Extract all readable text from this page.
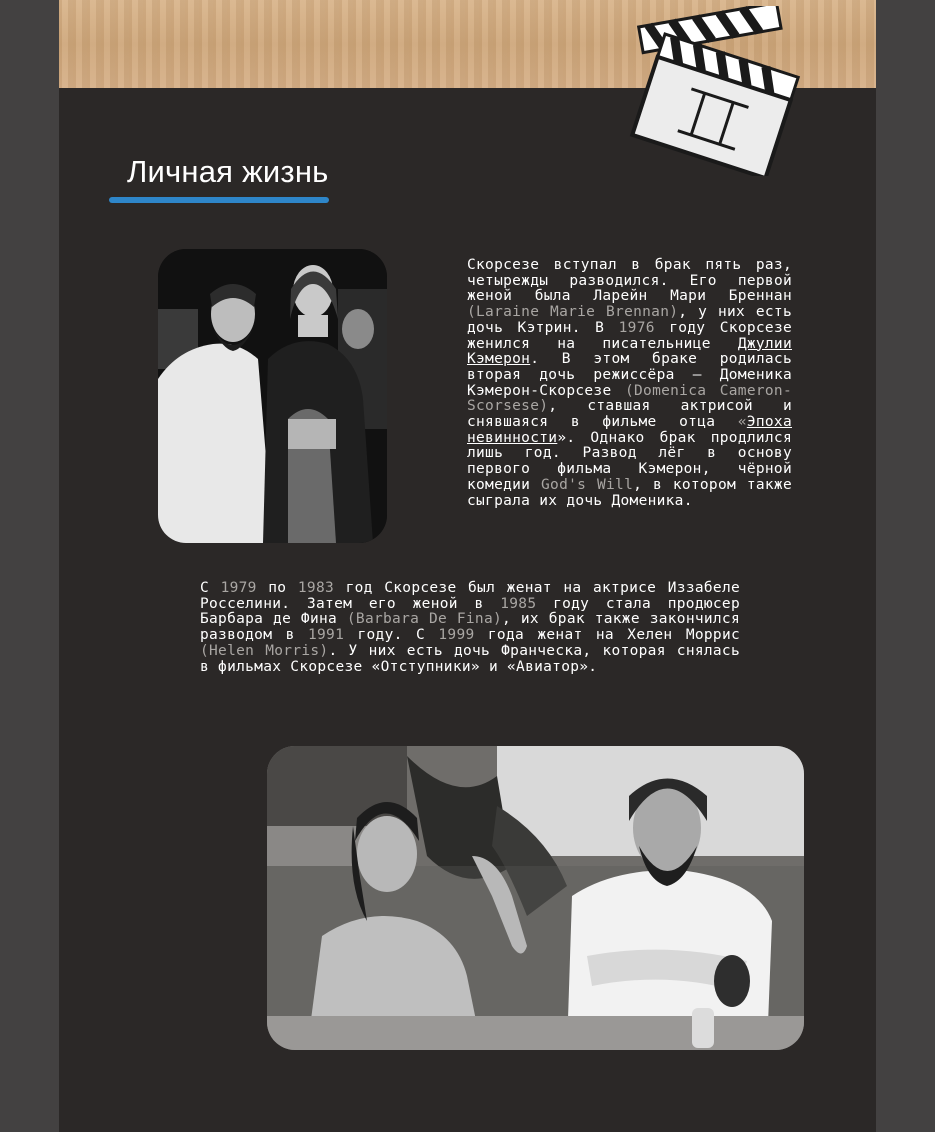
Личная жизнь
Скорсезе вступал в брак пять раз, четырежды разводился. Его первой женой была Ларейн Мари Бреннан (Laraine Marie Brennan), у них есть дочь Кэтрин. В 1976 году Скорсезе женился на писательнице Джулии Кэмерон. В этом браке родилась вторая дочь режиссёра — Доменика Кэмерон-Скорсезе (Domenica Cameron-Scorsese), ставшая актрисой и снявшаяся в фильме отца «Эпоха невинности». Однако брак продлился лишь год. Развод лёг в основу первого фильма Кэмерон, чёрной комедии God's Will, в котором также сыграла их дочь Доменика.
С 1979 по 1983 год Скорсезе был женат на актрисе Иззабеле Росселини. Затем его женой в 1985 году стала продюсер Барбара де Фина (Barbara De Fina), их брак также закончился разводом в 1991 году. С 1999 года женат на Хелен Моррис (Helen Morris). У них есть дочь Франческа, которая снялась в фильмах Скорсезе «Отступники» и «Авиатор».
